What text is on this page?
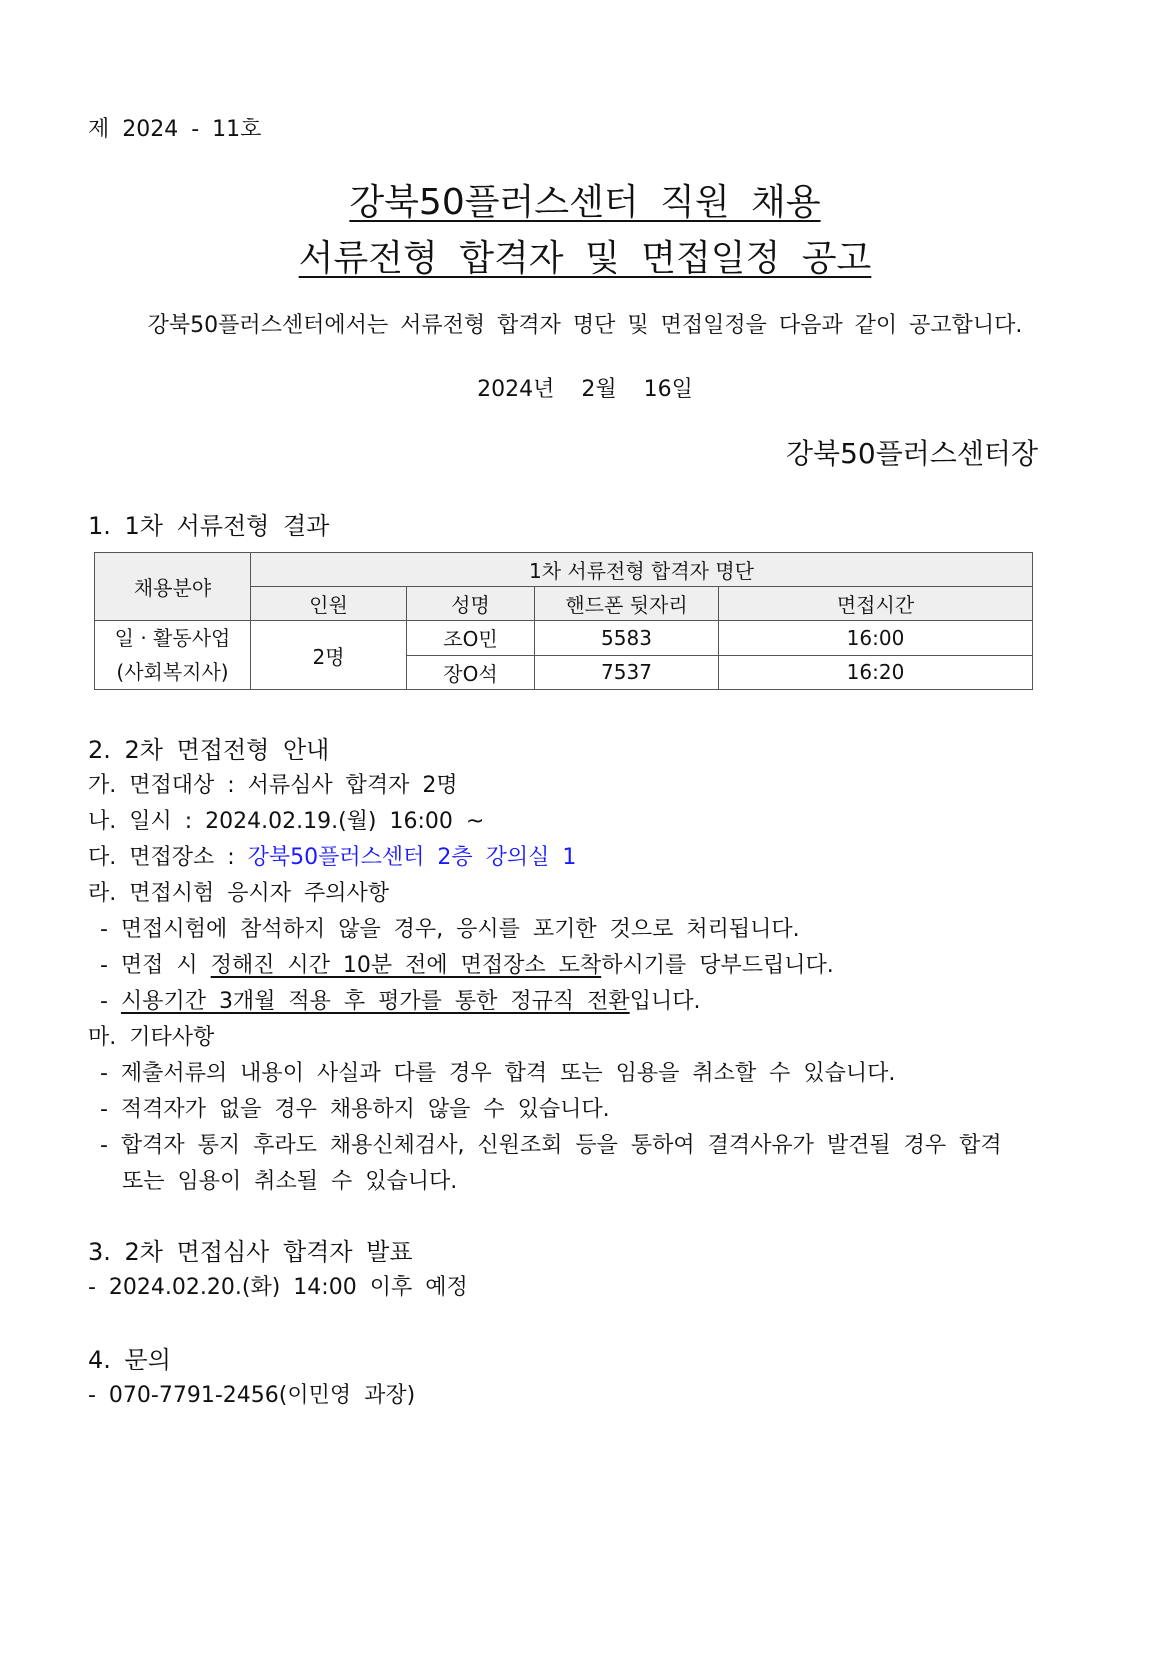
제 2024 - 11호
강북50플러스센터 직원 채용
서류전형 합격자 및 면접일정 공고
강북50플러스센터에서는 서류전형 합격자 명단 및 면접일정을 다음과 같이 공고합니다.
2024년 2월 16일
강북50플러스센터장
1. 1차 서류전형 결과
채용분야	1차 서류전형 합격자 명단			
	인원	성명	핸드폰 뒷자리	면접시간

일 · 활동사업
(사회복지사)	2명	조O민	5583	16:00
		장O석	7537	16:20
2. 2차 면접전형 안내
가. 면접대상 : 서류심사 합격자 2명
나. 일시 : 2024.02.19.(월) 16:00 ~
다. 면접장소 : 강북50플러스센터 2층 강의실 1
라. 면접시험 응시자 주의사항
- 면접시험에 참석하지 않을 경우, 응시를 포기한 것으로 처리됩니다.
- 면접 시 정해진 시간 10분 전에 면접장소 도착하시기를 당부드립니다.
- 시용기간 3개월 적용 후 평가를 통한 정규직 전환입니다.
마. 기타사항
- 제출서류의 내용이 사실과 다를 경우 합격 또는 임용을 취소할 수 있습니다.
- 적격자가 없을 경우 채용하지 않을 수 있습니다.
- 합격자 통지 후라도 채용신체검사, 신원조회 등을 통하여 결격사유가 발견될 경우 합격
또는 임용이 취소될 수 있습니다.
3. 2차 면접심사 합격자 발표
- 2024.02.20.(화) 14:00 이후 예정
4. 문의
- 070-7791-2456(이민영 과장)
